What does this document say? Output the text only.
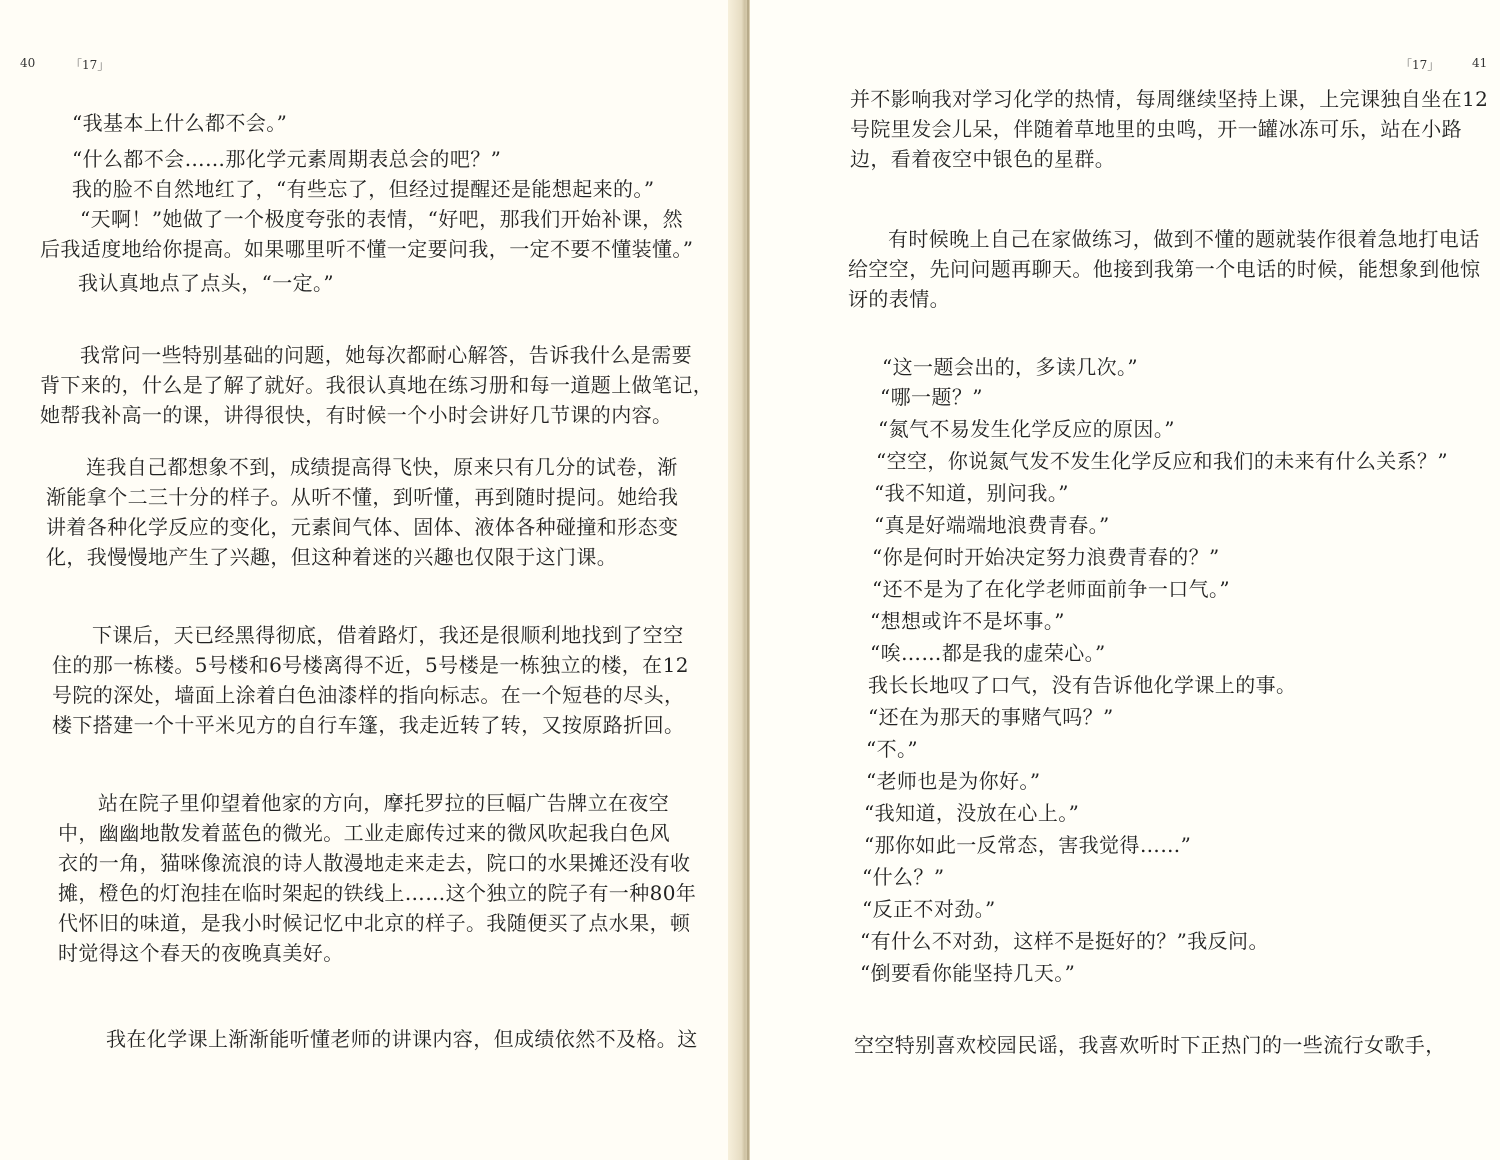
40	「17」

“我基本上什么都不会。”

“什么都不会……那化学元素周期表总会的吧？”

我的脸不自然地红了，“有些忘了，但经过提醒还是能想起来的。”

“天啊！”她做了一个极度夸张的表情，“好吧，那我们开始补课，然
后我适度地给你提高。如果哪里听不懂一定要问我，一定不要不懂装懂。”

我认真地点了点头，“一定。”

我常问一些特别基础的问题，她每次都耐心解答，告诉我什么是需要
背下来的，什么是了解了就好。我很认真地在练习册和每一道题上做笔记，
她帮我补高一的课，讲得很快，有时候一个小时会讲好几节课的内容。

连我自己都想象不到，成绩提高得飞快，原来只有几分的试卷，渐
渐能拿个二三十分的样子。从听不懂，到听懂，再到随时提问。她给我
讲着各种化学反应的变化，元素间气体、固体、液体各种碰撞和形态变
化，我慢慢地产生了兴趣，但这种着迷的兴趣也仅限于这门课。

下课后，天已经黑得彻底，借着路灯，我还是很顺利地找到了空空
住的那一栋楼。5号楼和6号楼离得不近，5号楼是一栋独立的楼，在12
号院的深处，墙面上涂着白色油漆样的指向标志。在一个短巷的尽头，
楼下搭建一个十平米见方的自行车篷，我走近转了转，又按原路折回。

站在院子里仰望着他家的方向，摩托罗拉的巨幅广告牌立在夜空
中，幽幽地散发着蓝色的微光。工业走廊传过来的微风吹起我白色风
衣的一角，猫咪像流浪的诗人散漫地走来走去，院口的水果摊还没有收
摊，橙色的灯泡挂在临时架起的铁线上……这个独立的院子有一种80年
代怀旧的味道，是我小时候记忆中北京的样子。我随便买了点水果，顿
时觉得这个春天的夜晚真美好。

我在化学课上渐渐能听懂老师的讲课内容，但成绩依然不及格。这

「17」	41

并不影响我对学习化学的热情，每周继续坚持上课，上完课独自坐在12
号院里发会儿呆，伴随着草地里的虫鸣，开一罐冰冻可乐，站在小路
边，看着夜空中银色的星群。

有时候晚上自己在家做练习，做到不懂的题就装作很着急地打电话
给空空，先问问题再聊天。他接到我第一个电话的时候，能想象到他惊
讶的表情。

“这一题会出的，多读几次。”

“哪一题？”

“氮气不易发生化学反应的原因。”

“空空，你说氮气发不发生化学反应和我们的未来有什么关系？”

“我不知道，别问我。”

“真是好端端地浪费青春。”

“你是何时开始决定努力浪费青春的？”

“还不是为了在化学老师面前争一口气。”

“想想或许不是坏事。”

“唉……都是我的虚荣心。”

我长长地叹了口气，没有告诉他化学课上的事。

“还在为那天的事赌气吗？”

“不。”

“老师也是为你好。”

“我知道，没放在心上。”

“那你如此一反常态，害我觉得……”

“什么？”

“反正不对劲。”

“有什么不对劲，这样不是挺好的？”我反问。

“倒要看你能坚持几天。”

空空特别喜欢校园民谣，我喜欢听时下正热门的一些流行女歌手，
